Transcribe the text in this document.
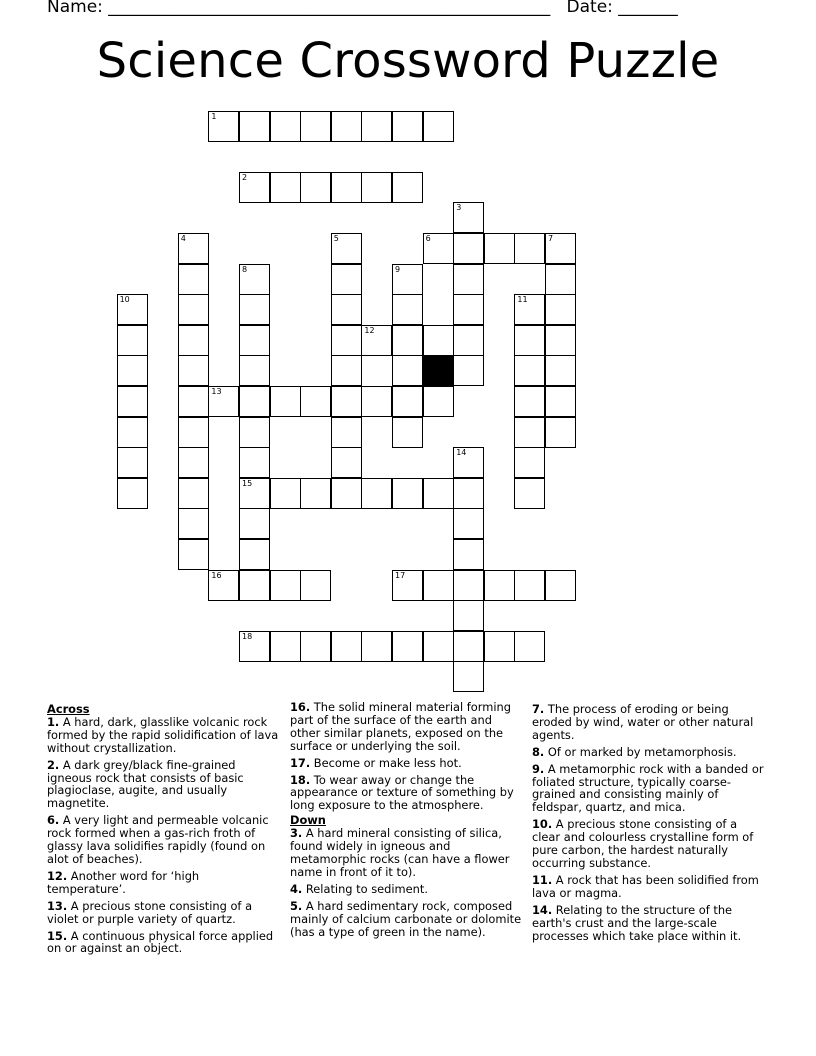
Name: ____________________________________________________ Date: _______
Science Crossword Puzzle
1
2
3
4	5	6	7
8	9
10	11
12
13
14
15
16	17
18
Across
1. A hard, dark, glasslike volcanic rock formed by the rapid solidification of lava without crystallization.
2. A dark grey/black fine-grained igneous rock that consists of basic plagioclase, augite, and usually magnetite.
6. A very light and permeable volcanic rock formed when a gas-rich froth of glassy lava solidifies rapidly (found on alot of beaches).
12. Another word for ‘high temperature’.
13. A precious stone consisting of a violet or purple variety of quartz.
15. A continuous physical force applied on or against an object.
16. The solid mineral material forming part of the surface of the earth and other similar planets, exposed on the surface or underlying the soil.
17. Become or make less hot.
18. To wear away or change the appearance or texture of something by long exposure to the atmosphere.
Down
3. A hard mineral consisting of silica, found widely in igneous and metamorphic rocks (can have a flower name in front of it to).
4. Relating to sediment.
5. A hard sedimentary rock, composed mainly of calcium carbonate or dolomite (has a type of green in the name).
7. The process of eroding or being eroded by wind, water or other natural agents.
8. Of or marked by metamorphosis.
9. A metamorphic rock with a banded or foliated structure, typically coarse-grained and consisting mainly of feldspar, quartz, and mica.
10. A precious stone consisting of a clear and colourless crystalline form of pure carbon, the hardest naturally occurring substance.
11. A rock that has been solidified from lava or magma.
14. Relating to the structure of the earth's crust and the large-scale processes which take place within it.
